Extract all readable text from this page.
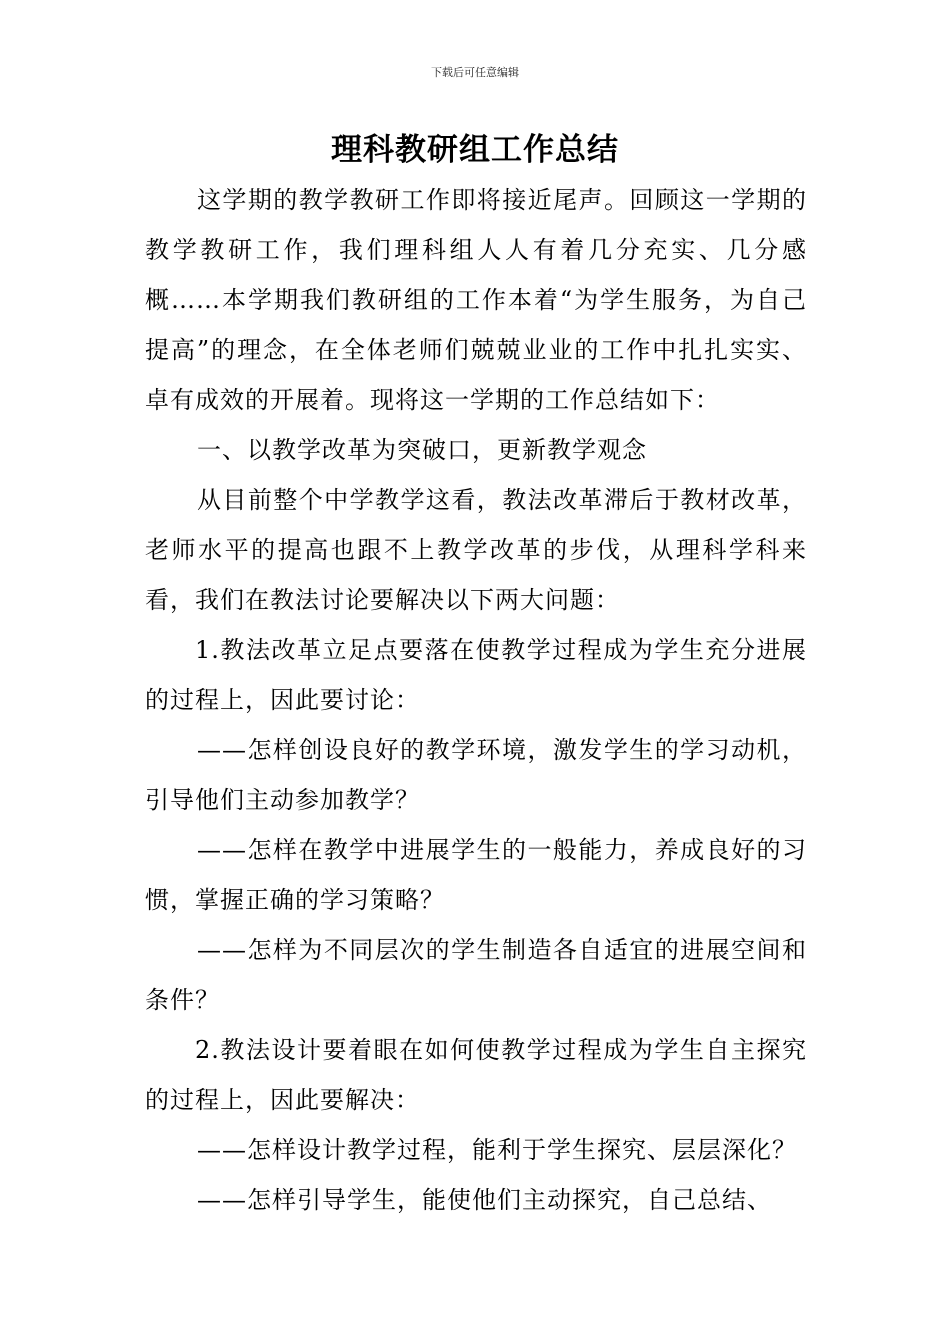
下载后可任意编辑
理科教研组工作总结

这学期的教学教研工作即将接近尾声。回顾这一学期的教学教研工作，我们理科组人人有着几分充实、几分感概……本学期我们教研组的工作本着“为学生服务，为自己提高”的理念，在全体老师们兢兢业业的工作中扎扎实实、卓有成效的开展着。现将这一学期的工作总结如下：

一、以教学改革为突破口，更新教学观念

从目前整个中学教学这看，教法改革滞后于教材改革，老师水平的提高也跟不上教学改革的步伐，从理科学科来看，我们在教法讨论要解决以下两大问题：

1.教法改革立足点要落在使教学过程成为学生充分进展的过程上，因此要讨论：

——怎样创设良好的教学环境，激发学生的学习动机，引导他们主动参加教学？

——怎样在教学中进展学生的一般能力，养成良好的习惯，掌握正确的学习策略？

——怎样为不同层次的学生制造各自适宜的进展空间和条件？

2.教法设计要着眼在如何使教学过程成为学生自主探究的过程上，因此要解决：

——怎样设计教学过程，能利于学生探究、层层深化？

——怎样引导学生，能使他们主动探究，自己总结、
